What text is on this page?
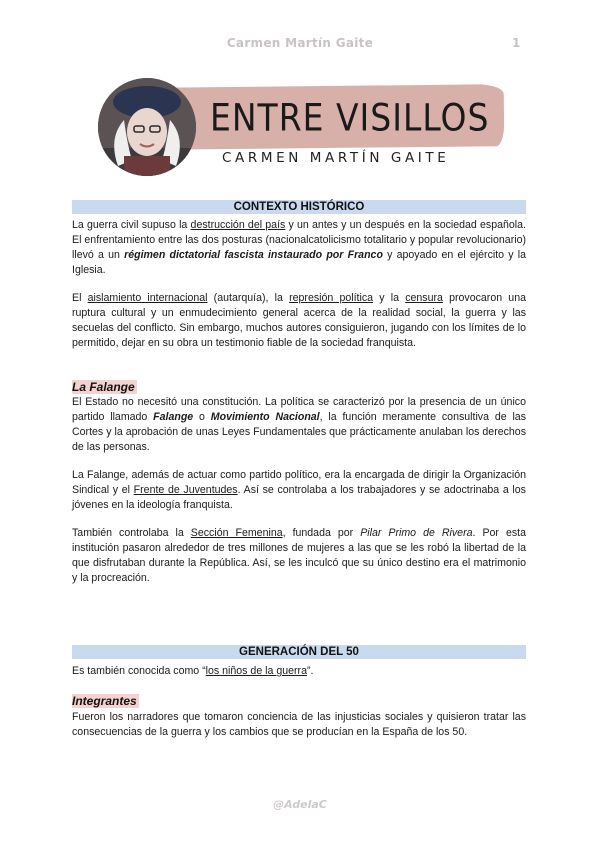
Carmen Martín Gaite	1
ENTRE VISILLOS
CARMEN MARTÍN GAITE
CONTEXTO HISTÓRICO
La guerra civil supuso la destrucción del país y un antes y un después en la sociedad española. El enfrentamiento entre las dos posturas (nacionalcatolicismo totalitario y popular revolucionario) llevó a un régimen dictatorial fascista instaurado por Franco y apoyado en el ejército y la Iglesia.
El aislamiento internacional (autarquía), la represión política y la censura provocaron una ruptura cultural y un enmudecimiento general acerca de la realidad social, la guerra y las secuelas del conflicto. Sin embargo, muchos autores consiguieron, jugando con los límites de lo permitido, dejar en su obra un testimonio fiable de la sociedad franquista.
La Falange
El Estado no necesitó una constitución. La política se caracterizó por la presencia de un único partido llamado Falange o Movimiento Nacional, la función meramente consultiva de las Cortes y la aprobación de unas Leyes Fundamentales que prácticamente anulaban los derechos de las personas.
La Falange, además de actuar como partido político, era la encargada de dirigir la Organización Sindical y el Frente de Juventudes. Así se controlaba a los trabajadores y se adoctrinaba a los jóvenes en la ideología franquista.
También controlaba la Sección Femenina, fundada por Pilar Primo de Rivera. Por esta institución pasaron alrededor de tres millones de mujeres a las que se les robó la libertad de la que disfrutaban durante la República. Así, se les inculcó que su único destino era el matrimonio y la procreación.
GENERACIÓN DEL 50
Es también conocida como “los niños de la guerra”.
Integrantes
Fueron los narradores que tomaron conciencia de las injusticias sociales y quisieron tratar las consecuencias de la guerra y los cambios que se producían en la España de los 50.
@AdelaC
